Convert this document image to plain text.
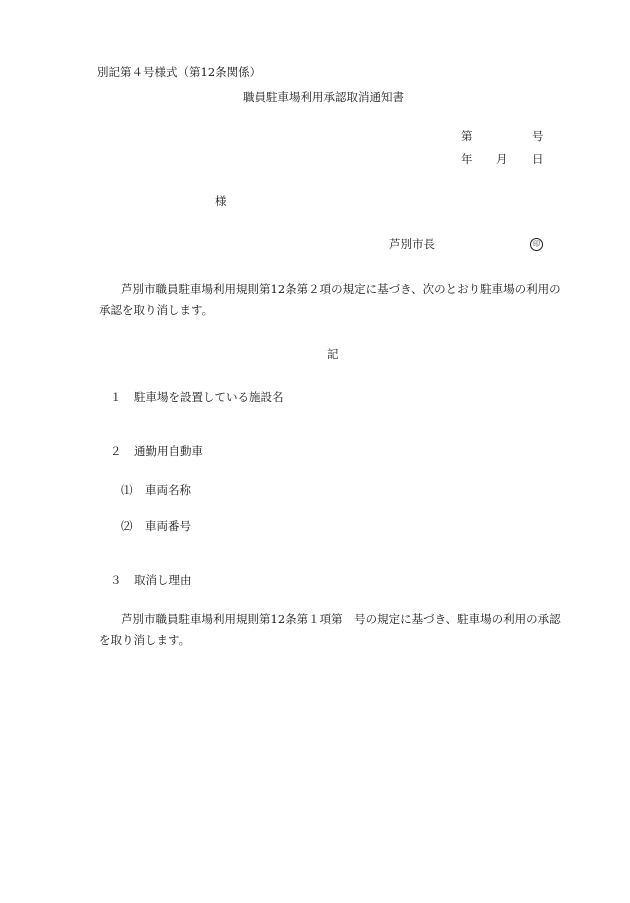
別記第４号様式（第12条関係）
職員駐車場利用承認取消通知書
第	号
年 月 日
様
芦別市長	印
芦別市職員駐車場利用規則第12条第２項の規定に基づき、次のとおり駐車場の利用の
承認を取り消します。
記
１ 駐車場を設置している施設名
２ 通勤用自動車
⑴ 車両名称
⑵ 車両番号
３ 取消し理由
芦別市職員駐車場利用規則第12条第１項第　号の規定に基づき、駐車場の利用の承認
を取り消します。
